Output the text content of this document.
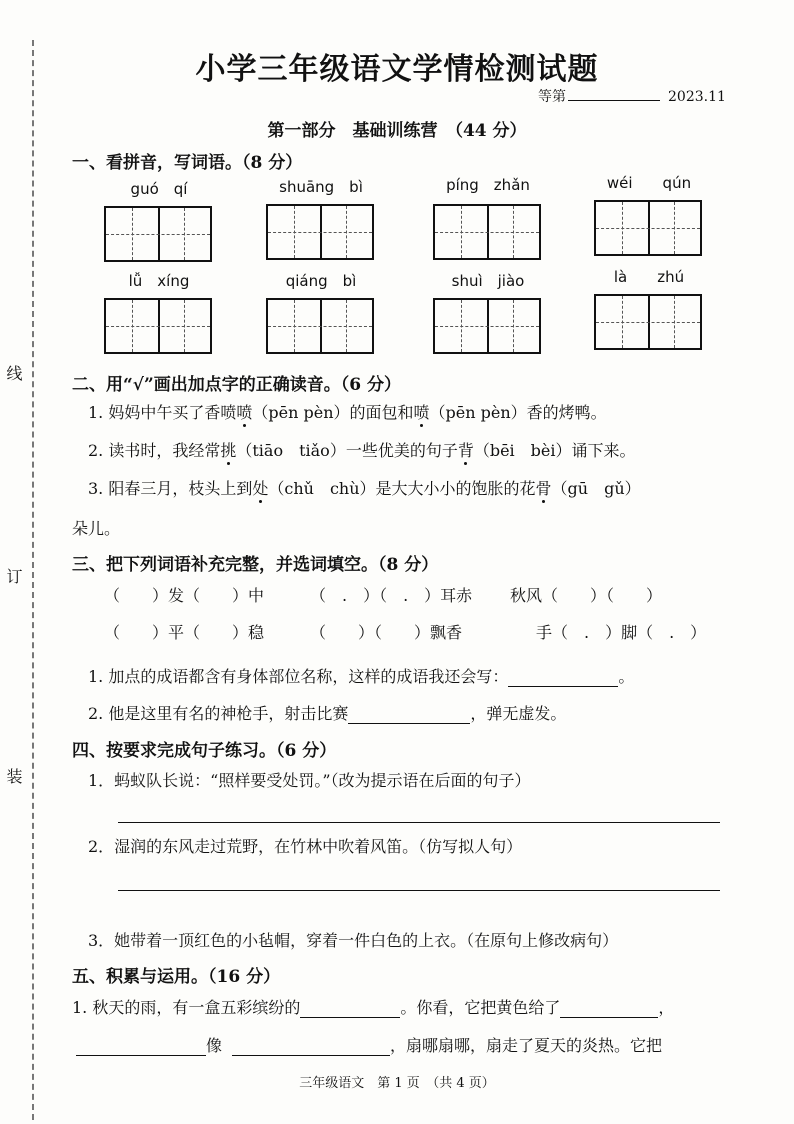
线
订
装
小学三年级语文学情检测试题
等第	2023.11
第一部分　基础训练营　（44 分）
一、看拼音，写词语。（8 分）
guó　qí	shuāng　bì	píng　zhǎn	wéi　　qún
lǚ　xíng	qiáng　bì	shuì　jiào	là　　zhú
二、用“√”画出加点字的正确读音。（6 分）
1. 妈妈中午买了香喷喷（pēn pèn）的面包和喷（pēn pèn）香的烤鸭。
2. 读书时，我经常挑（tiāo　tiǎo）一些优美的句子背（bēi　bèi）诵下来。
3. 阳春三月，枝头上到处（chǔ　chù）是大大小小的饱胀的花骨（gū　gǔ）
朵儿。
三、把下列词语补充完整，并选词填空。（8 分）
（　　）发（　　）中	（　.　）（　.　）耳赤 秋风（　　）（　　）
（　　）平（　　）稳	（　　）（　　）飘香	手（　.　）脚（　.　）
1. 加点的成语都含有身体部位名称，这样的成语我还会写：	。
2. 他是这里有名的神枪手，射击比赛	，弹无虚发。
四、按要求完成句子练习。（6 分）
1．蚂蚁队长说：“照样要受处罚。”（改为提示语在后面的句子）
2．湿润的东风走过荒野，在竹林中吹着风笛。（仿写拟人句）
3．她带着一顶红色的小毡帽，穿着一件白色的上衣。（在原句上修改病句）
五、积累与运用。（16 分）
1. 秋天的雨，有一盒五彩缤纷的	。你看，它把黄色给了	，
像	，扇哪扇哪，扇走了夏天的炎热。它把
三年级语文　第 1 页　（共 4 页）
